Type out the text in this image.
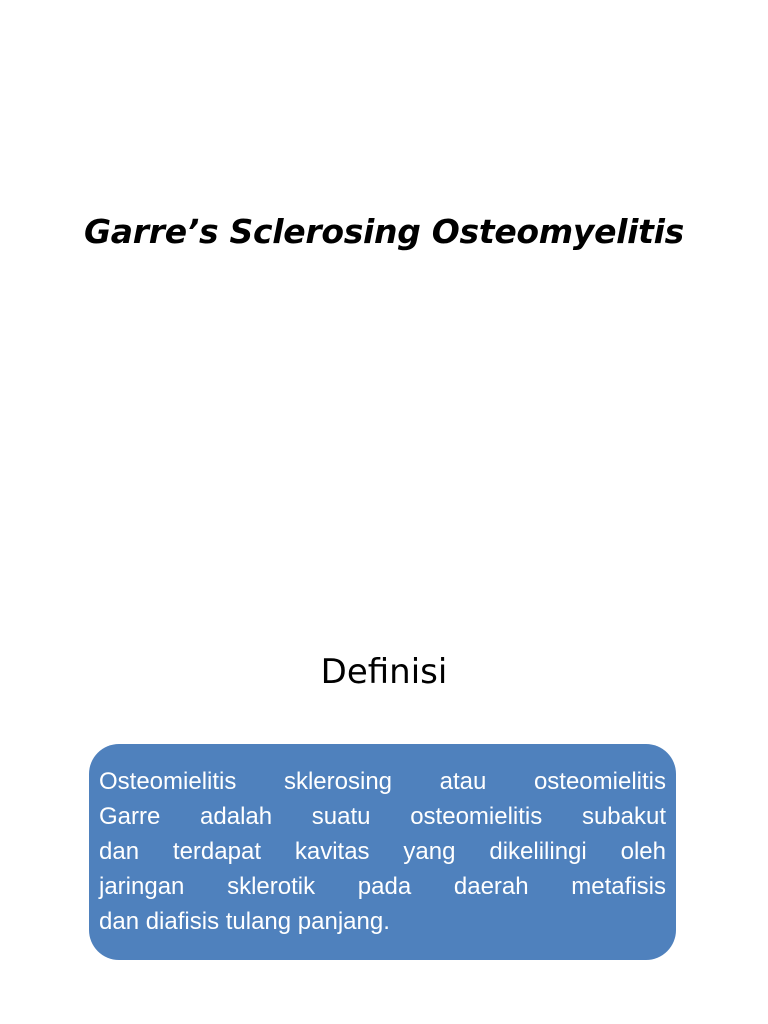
Garre’s Sclerosing Osteomyelitis
Definisi
Osteomielitis sklerosing atau osteomielitis
Garre adalah suatu osteomielitis subakut
dan terdapat kavitas yang dikelilingi oleh
jaringan sklerotik pada daerah metafisis
dan diafisis tulang panjang.
